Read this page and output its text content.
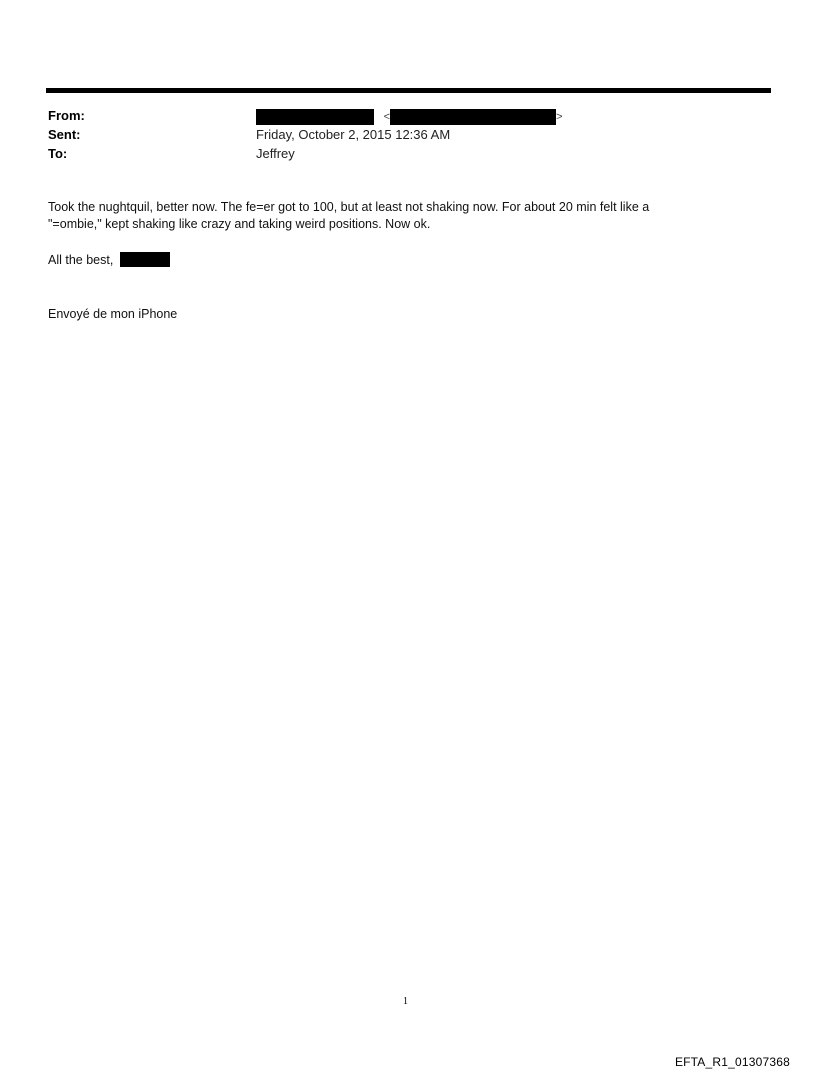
From:	<	>
Sent:	Friday, October 2, 2015 12:36 AM
To:	Jeffrey
Took the nughtquil, better now. The fe=er got to 100, but at least not shaking now. For about 20 min felt like a
"=ombie," kept shaking like crazy and taking weird positions. Now ok.
All the best,
Envoyé de mon iPhone
1
EFTA_R1_01307368
